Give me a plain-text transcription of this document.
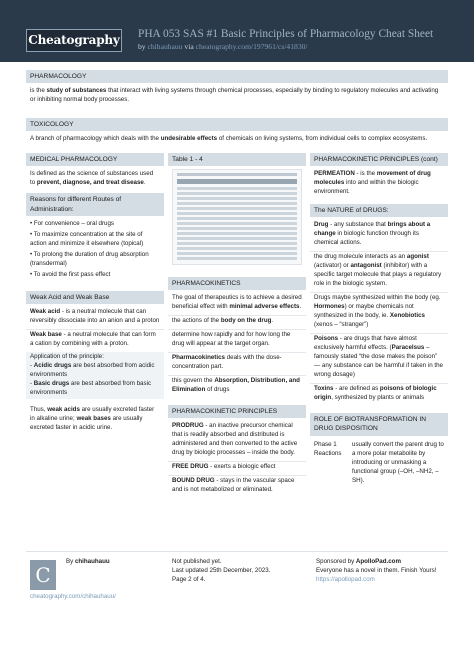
Cheatography PHA 053 SAS #1 Basic Principles of Pharmacology Cheat Sheet
by chihauhauu via cheatography.com/197961/cs/41830/
PHARMACOLOGY
is the study of substances that interact with living systems through chemical processes, especially by binding to regulatory molecules and activating or inhibiting normal body processes.
TOXICOLOGY
A branch of pharmacology which deals with the undesirable effects of chemicals on living systems, from individual cells to complex ecosystems.
MEDICAL PHARMACOLOGY
Is defined as the science of substances used to prevent, diagnose, and treat disease.
Reasons for different Routes of Administration:
• For convenience – oral drugs
• To maximize concentration at the site of action and minimize it elsewhere (topical)
• To prolong the duration of drug absorption (transdermal)
• To avoid the first pass effect
Weak Acid and Weak Base
Weak acid - is a neutral molecule that can reversibly dissociate into an anion and a proton
Weak base - a neutral molecule that can form a cation by combining with a proton.
Application of the principle:
- Acidic drugs are best absorbed from acidic environments
- Basic drugs are best absorbed from basic environments
Thus, weak acids are usually excreted faster in alkaline urine; weak bases are usually excreted faster in acidic urine.
Table 1 - 4
PHARMACOKINETICS
The goal of therapeutics is to achieve a desired beneficial effect with minimal adverse effects.
the actions of the body on the drug.
determine how rapidly and for how long the drug will appear at the target organ.
Pharmacokinetics deals with the dose-concentration part.
this govern the Absorption, Distribution, and Elimination of drugs
PHARMACOKINETIC PRINCIPLES
PRODRUG - an inactive precursor chemical that is readily absorbed and distributed is administered and then converted to the active drug by biologic processes – inside the body.
FREE DRUG - exerts a biologic effect
BOUND DRUG - stays in the vascular space and is not metabolized or eliminated.
PHARMACOKINETIC PRINCIPLES (cont)
PERMEATION - is the movement of drug molecules into and within the biologic environment.
The NATURE of DRUGS:
Drug - any substance that brings about a change in biologic function through its chemical actions.
the drug molecule interacts as an agonist (activator) or antagonist (inhibitor) with a specific target molecule that plays a regulatory role in the biologic system.
Drugs maybe synthesized within the body (eg. Hormones) or maybe chemicals not synthesized in the body, ie. Xenobiotics (xenos – “stranger”)
Poisons - are drugs that have almost exclusively harmful effects. (Paracelsus – famously stated “the dose makes the poison” — any substance can be harmful if taken in the wrong dosage)
Toxins - are defined as poisons of biologic origin, synthesized by plants or animals
ROLE OF BIOTRANSFORMATION IN DRUG DISPOSITION
Phase 1 Reactions
usually convert the parent drug to a more polar metabolite by introducing or unmasking a functional group (–OH, –NH2, –SH).
C
By chihauhauu
cheatography.com/chihauhauu/
Not published yet.
Last updated 25th December, 2023.
Page 2 of 4.
Sponsored by ApolloPad.com
Everyone has a novel in them. Finish Yours!
https://apollopad.com
